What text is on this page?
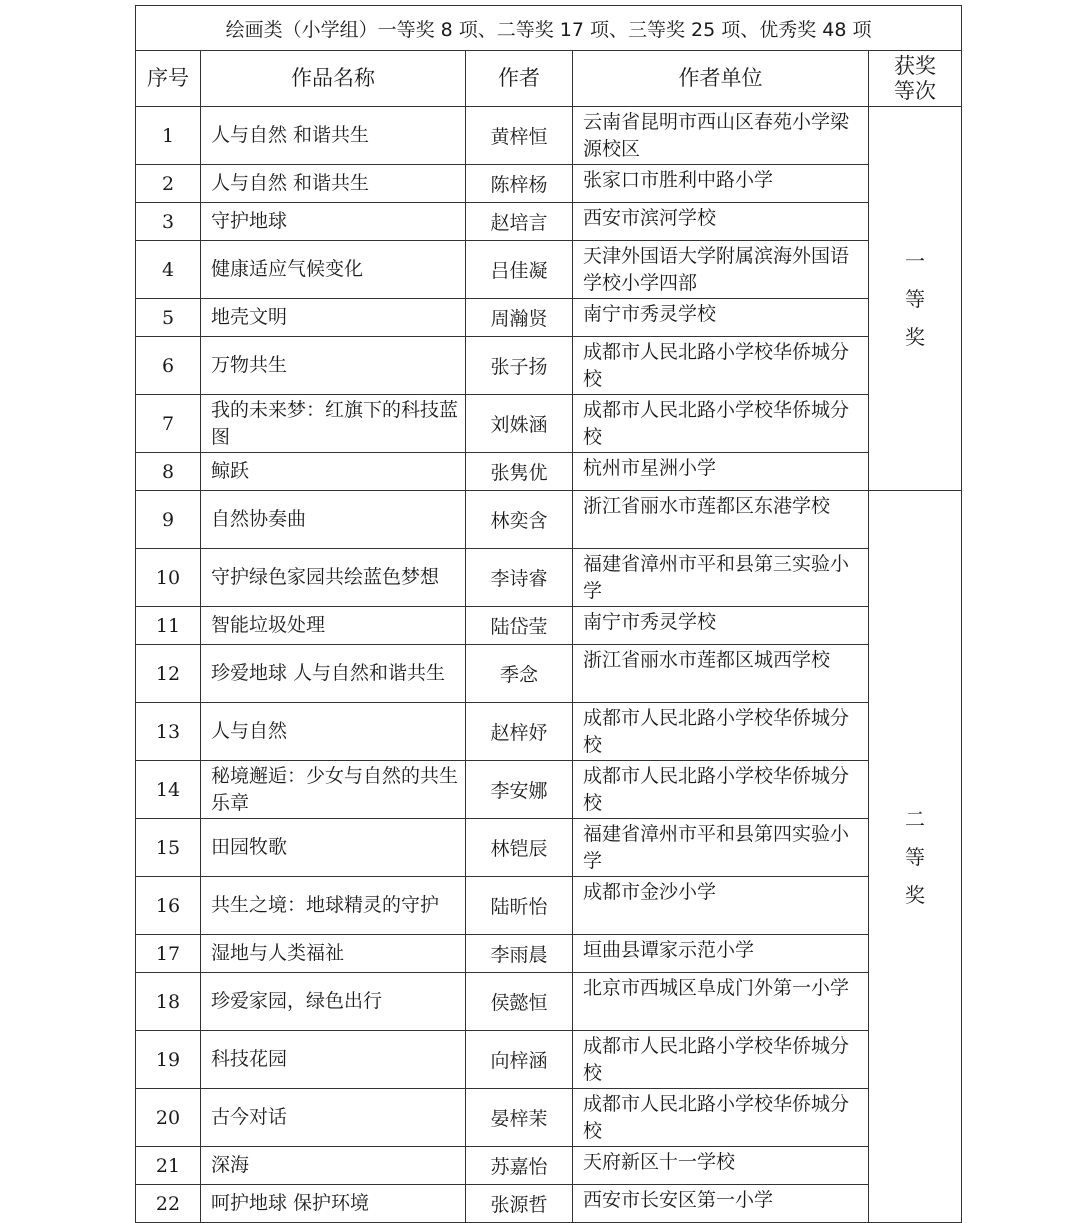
绘画类（小学组）一等奖 8 项、二等奖 17 项、三等奖 25 项、优秀奖 48 项				
序号	作品名称	作者	作者单位	获奖等次
1	人与自然 和谐共生	黄梓恒	云南省昆明市西山区春苑小学梁源校区	一等奖
2	人与自然 和谐共生	陈梓杨	张家口市胜利中路小学	
3	守护地球	赵培言	西安市滨河学校	
4	健康适应气候变化	吕佳凝	天津外国语大学附属滨海外国语学校小学四部	
5	地壳文明	周瀚贤	南宁市秀灵学校	
6	万物共生	张子扬	成都市人民北路小学校华侨城分校	
7	我的未来梦：红旗下的科技蓝图	刘姝涵	成都市人民北路小学校华侨城分校	
8	鲸跃	张隽优	杭州市星洲小学	
9	自然协奏曲	林奕含	浙江省丽水市莲都区东港学校	二等奖
10	守护绿色家园共绘蓝色梦想	李诗睿	福建省漳州市平和县第三实验小学	
11	智能垃圾处理	陆岱莹	南宁市秀灵学校	
12	珍爱地球 人与自然和谐共生	季念	浙江省丽水市莲都区城西学校	
13	人与自然	赵梓妤	成都市人民北路小学校华侨城分校	
14	秘境邂逅：少女与自然的共生乐章	李安娜	成都市人民北路小学校华侨城分校	
15	田园牧歌	林铠辰	福建省漳州市平和县第四实验小学	
16	共生之境：地球精灵的守护	陆昕怡	成都市金沙小学	
17	湿地与人类福祉	李雨晨	垣曲县谭家示范小学	
18	珍爱家园，绿色出行	侯懿恒	北京市西城区阜成门外第一小学	
19	科技花园	向梓涵	成都市人民北路小学校华侨城分校	
20	古今对话	晏梓茉	成都市人民北路小学校华侨城分校	
21	深海	苏嘉怡	天府新区十一学校	
22	呵护地球 保护环境	张源哲	西安市长安区第一小学	
